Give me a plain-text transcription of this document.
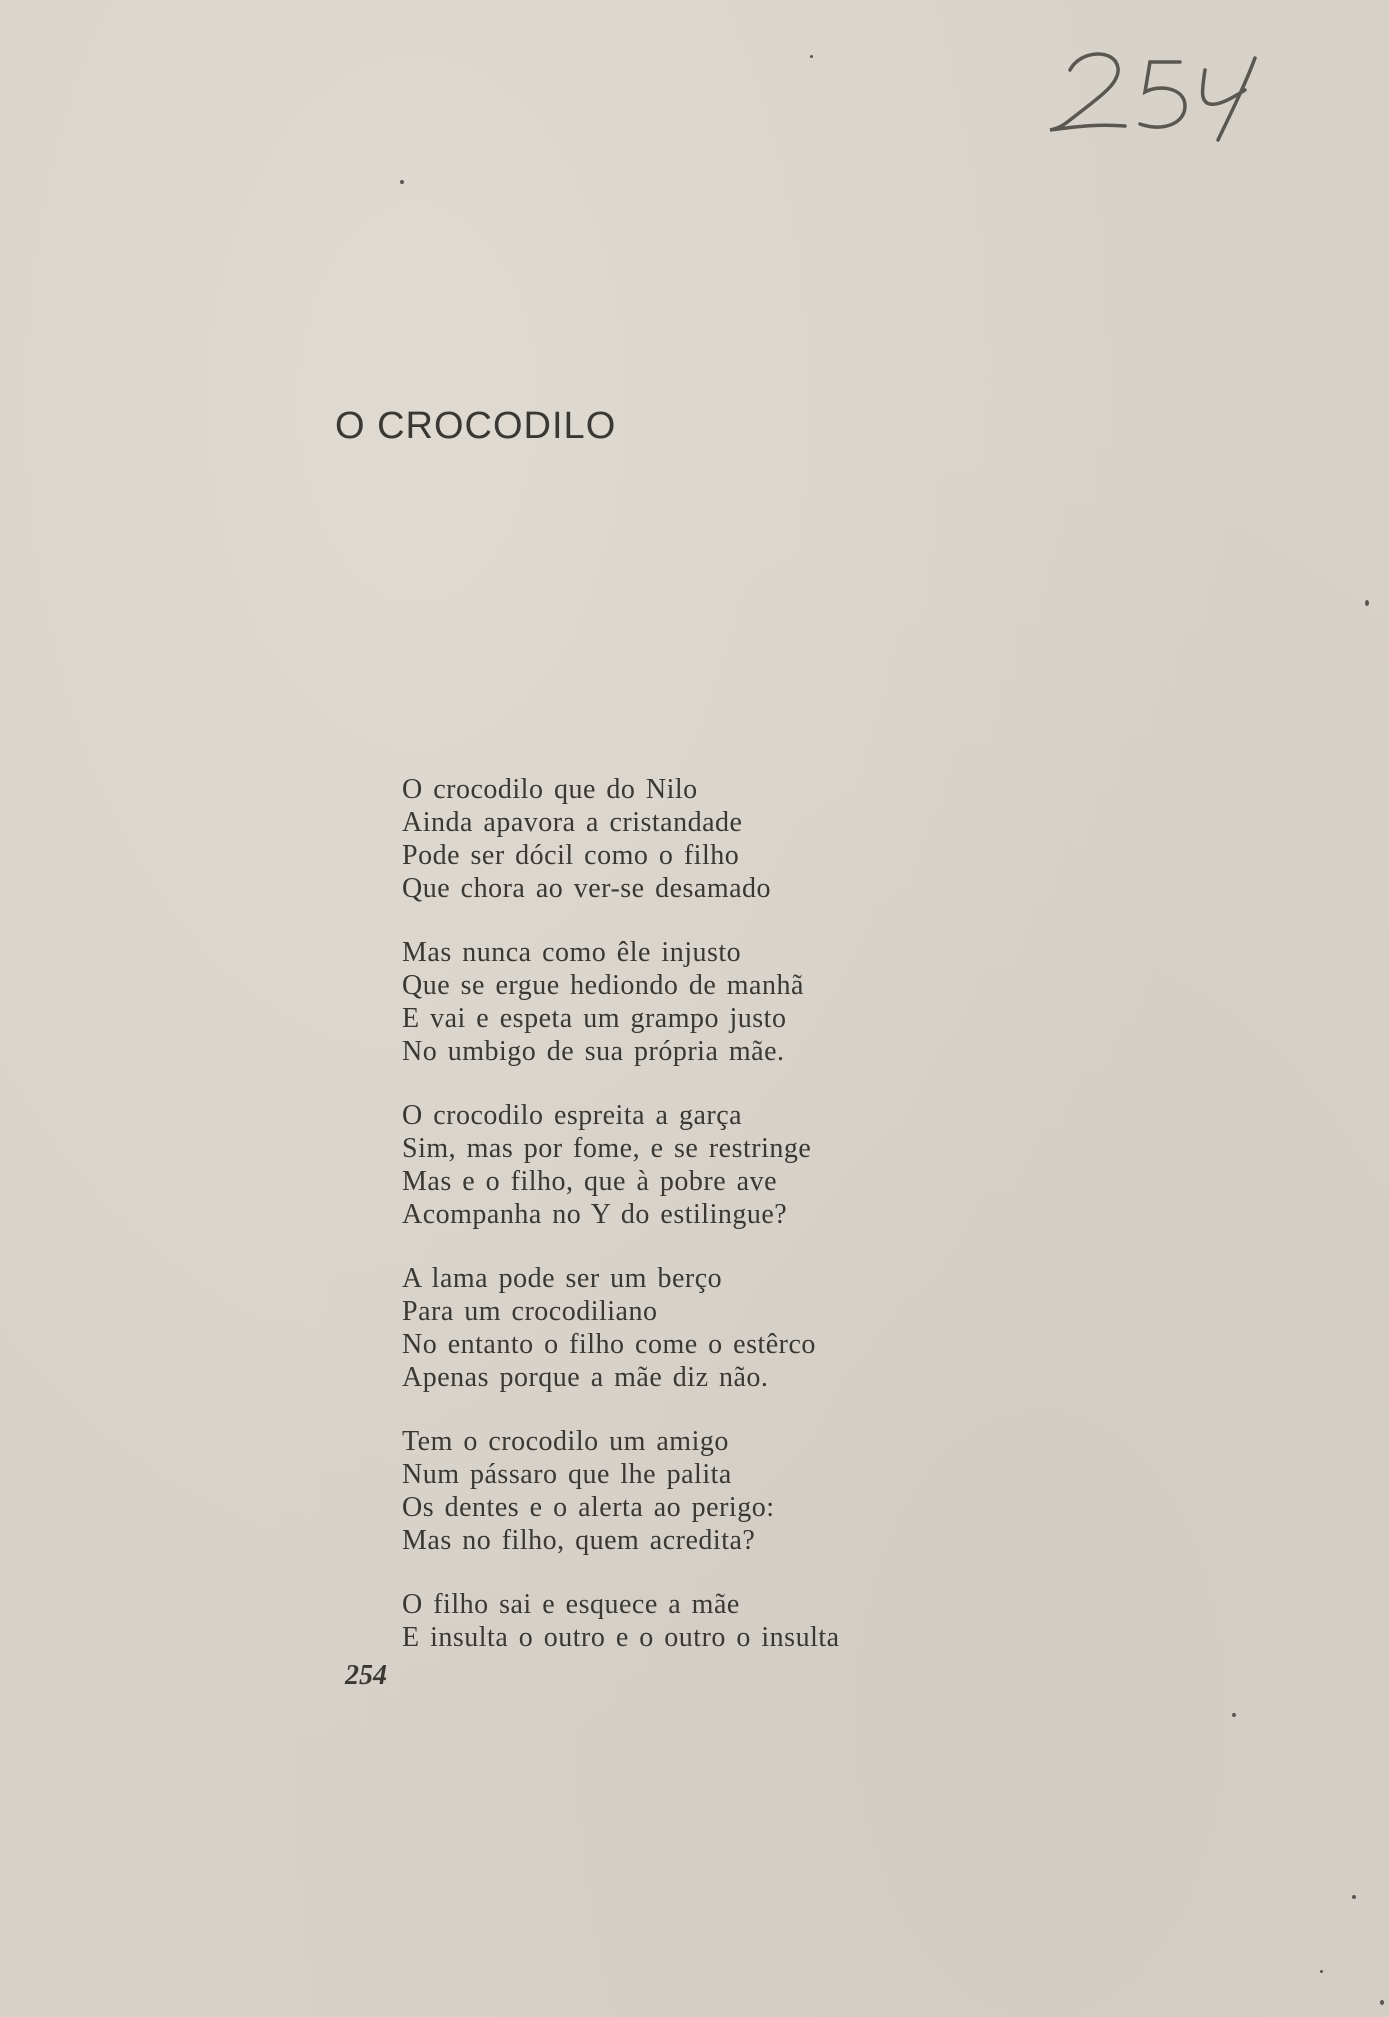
O CROCODILO
O crocodilo que do Nilo
Ainda apavora a cristandade
Pode ser dócil como o filho
Que chora ao ver-se desamado
Mas nunca como êle injusto
Que se ergue hediondo de manhã
E vai e espeta um grampo justo
No umbigo de sua própria mãe.
O crocodilo espreita a garça
Sim, mas por fome, e se restringe
Mas e o filho, que à pobre ave
Acompanha no Y do estilingue?
A lama pode ser um berço
Para um crocodiliano
No entanto o filho come o estêrco
Apenas porque a mãe diz não.
Tem o crocodilo um amigo
Num pássaro que lhe palita
Os dentes e o alerta ao perigo:
Mas no filho, quem acredita?
O filho sai e esquece a mãe
E insulta o outro e o outro o insulta
254
